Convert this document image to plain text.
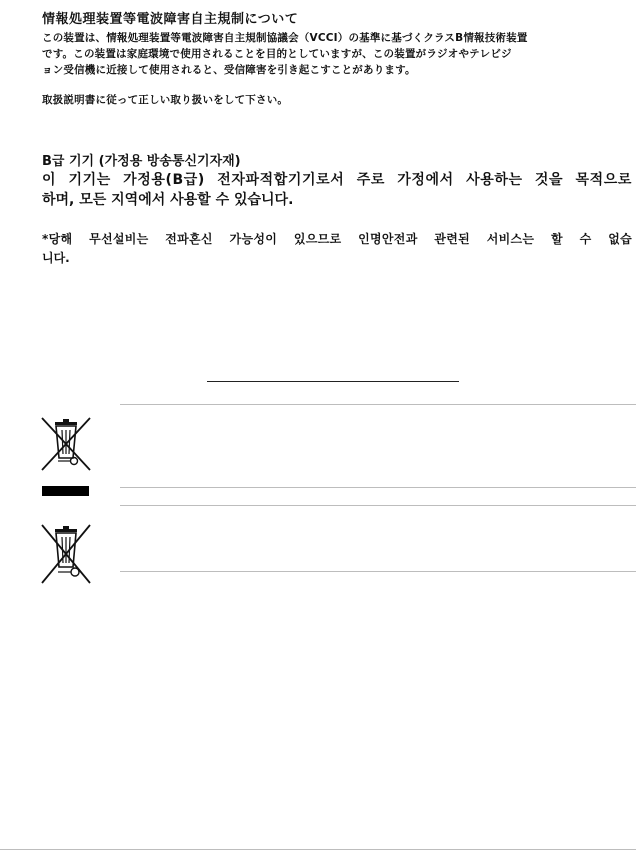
情報処理装置等電波障害自主規制について
この装置は、情報処理装置等電波障害自主規制協議会（VCCI）の基準に基づくクラスB情報技術装置
です。この装置は家庭環境で使用されることを目的としていますが、この装置がラジオやテレビジ
ョン受信機に近接して使用されると、受信障害を引き起こすことがあります。
取扱説明書に従って正しい取り扱いをして下さい。
B급 기기 (가정용 방송통신기자재)
이 기기는 가정용(B급) 전자파적합기기로서 주로 가정에서 사용하는 것을 목적으로
하며, 모든 지역에서 사용할 수 있습니다.
*당해 무선설비는 전파혼신 가능성이 있으므로 인명안전과 관련된 서비스는 할 수 없습
니다.
